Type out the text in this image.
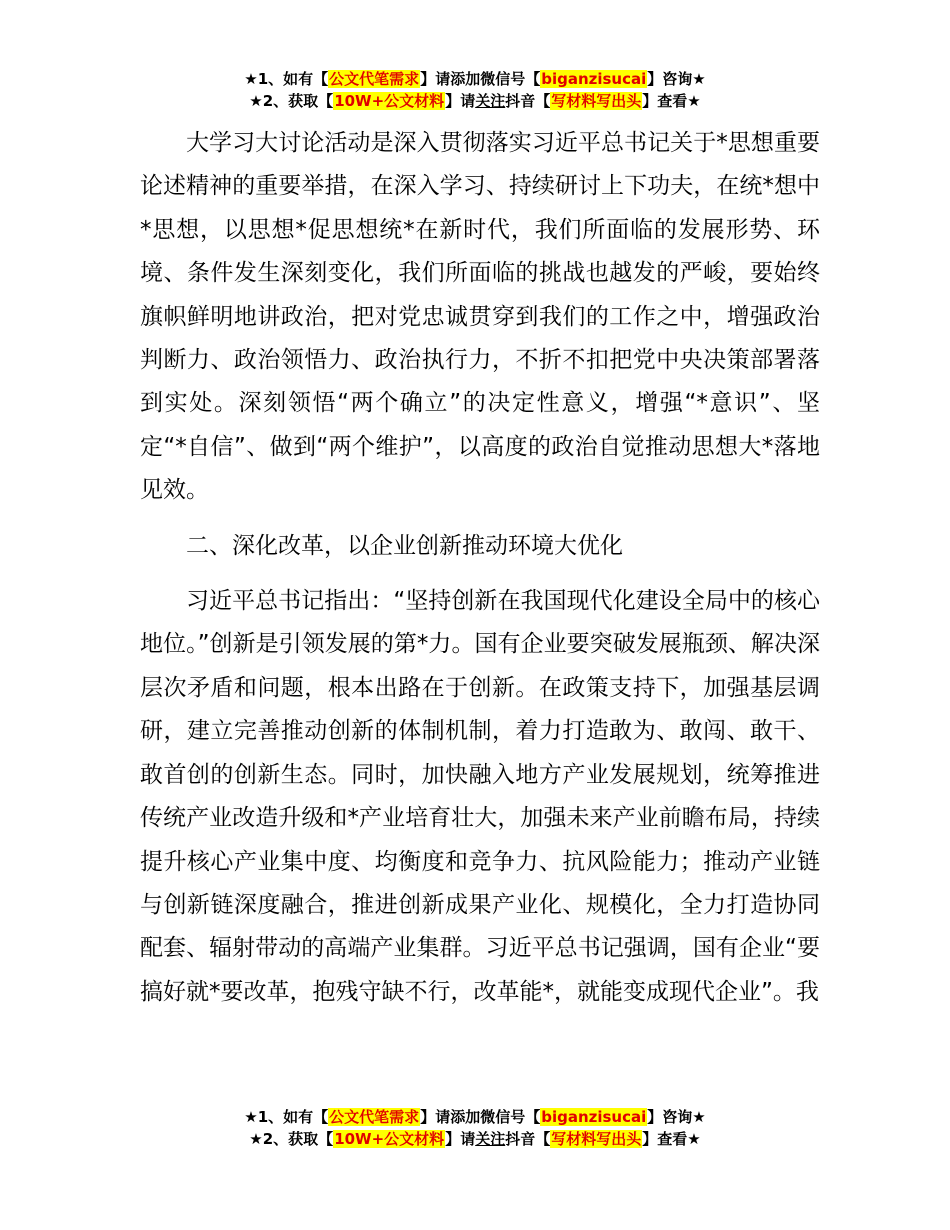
★1、如有【公文代笔需求】请添加微信号【biganzisucai】咨询★
★2、获取【10W+公文材料】请关注抖音【写材料写出头】查看★

大学习大讨论活动是深入贯彻落实习近平总书记关于*思想重要论述精神的重要举措，在深入学习、持续研讨上下功夫，在统*想中*思想，以思想*促思想统*在新时代，我们所面临的发展形势、环境、条件发生深刻变化，我们所面临的挑战也越发的严峻，要始终旗帜鲜明地讲政治，把对党忠诚贯穿到我们的工作之中，增强政治判断力、政治领悟力、政治执行力，不折不扣把党中央决策部署落到实处。深刻领悟“两个确立”的决定性意义，增强“*意识”、坚定“*自信”、做到“两个维护”，以高度的政治自觉推动思想大*落地见效。

二、深化改革，以企业创新推动环境大优化

习近平总书记指出：“坚持创新在我国现代化建设全局中的核心地位。”创新是引领发展的第*力。国有企业要突破发展瓶颈、解决深层次矛盾和问题，根本出路在于创新。在政策支持下，加强基层调研，建立完善推动创新的体制机制，着力打造敢为、敢闯、敢干、敢首创的创新生态。同时，加快融入地方产业发展规划，统筹推进传统产业改造升级和*产业培育壮大，加强未来产业前瞻布局，持续提升核心产业集中度、均衡度和竞争力、抗风险能力；推动产业链与创新链深度融合，推进创新成果产业化、规模化，全力打造协同配套、辐射带动的高端产业集群。习近平总书记强调，国有企业“要搞好就*要改革，抱残守缺不行，改革能*，就能变成现代企业”。我

★1、如有【公文代笔需求】请添加微信号【biganzisucai】咨询★
★2、获取【10W+公文材料】请关注抖音【写材料写出头】查看★
